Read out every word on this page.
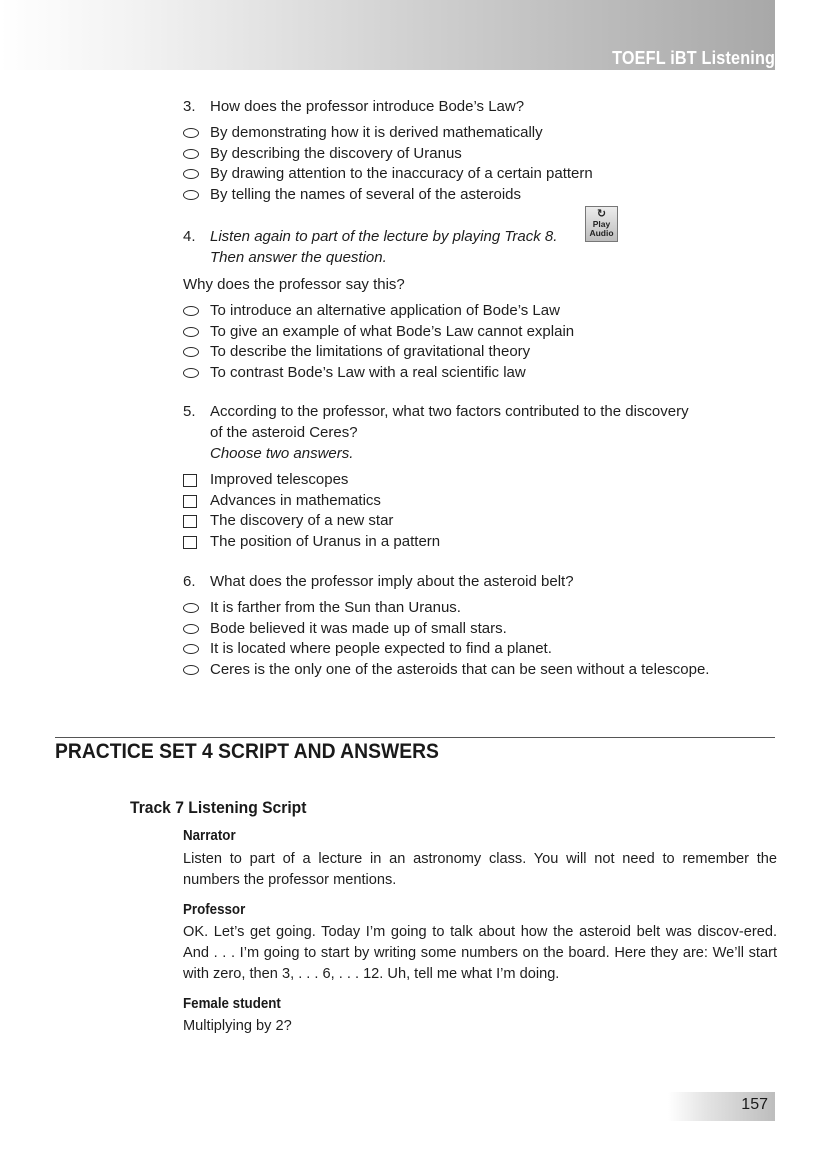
TOEFL iBT Listening
3. How does the professor introduce Bode’s Law?
By demonstrating how it is derived mathematically
By describing the discovery of Uranus
By drawing attention to the inaccuracy of a certain pattern
By telling the names of several of the asteroids
4. Listen again to part of the lecture by playing Track 8.
Then answer the question.
Why does the professor say this?
To introduce an alternative application of Bode’s Law
To give an example of what Bode’s Law cannot explain
To describe the limitations of gravitational theory
To contrast Bode’s Law with a real scientific law
↻
Play
Audio
5. According to the professor, what two factors contributed to the discovery
of the asteroid Ceres?
Choose two answers.
Improved telescopes
Advances in mathematics
The discovery of a new star
The position of Uranus in a pattern
6. What does the professor imply about the asteroid belt?
It is farther from the Sun than Uranus.
Bode believed it was made up of small stars.
It is located where people expected to find a planet.
Ceres is the only one of the asteroids that can be seen without a telescope.
PRACTICE SET 4 SCRIPT AND ANSWERS
Track 7 Listening Script
Narrator
Listen to part of a lecture in an astronomy class. You will not need to remember the numbers the professor mentions.
Professor
OK. Let’s get going. Today I’m going to talk about how the asteroid belt was discov-ered. And . . . I’m going to start by writing some numbers on the board. Here they are: We’ll start with zero, then 3, . . . 6, . . . 12. Uh, tell me what I’m doing.
Female student
Multiplying by 2?
157
